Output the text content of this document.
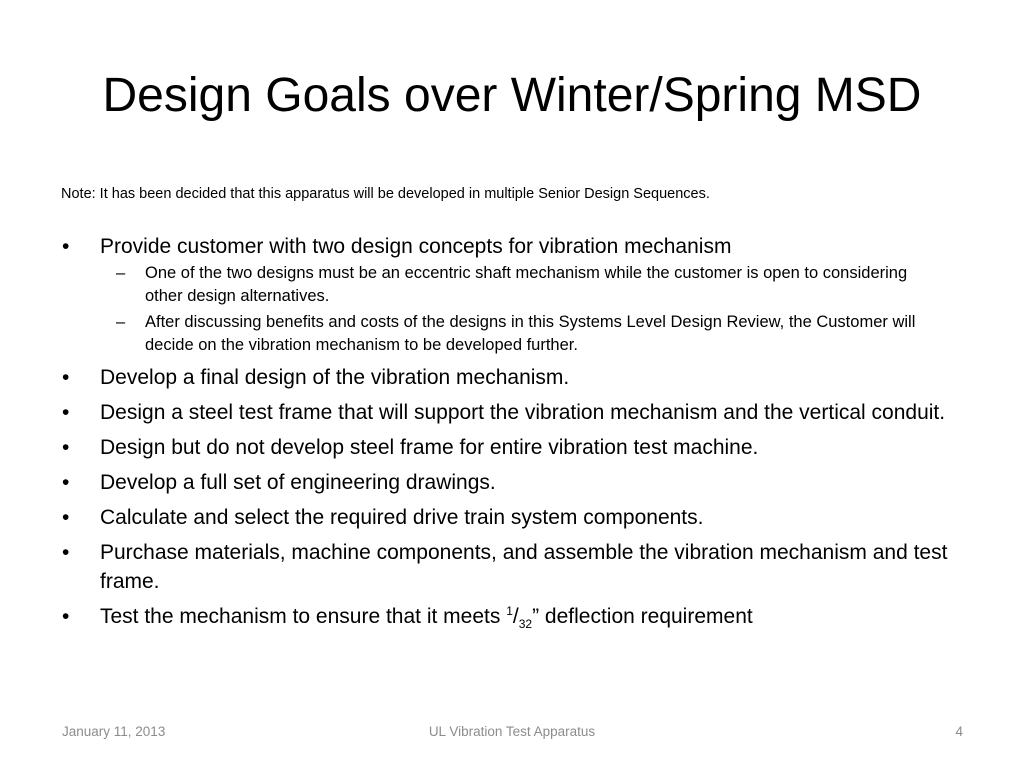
Design Goals over Winter/Spring MSD
Note: It has been decided that this apparatus will be developed in multiple Senior Design Sequences.
• Provide customer with two design concepts for vibration mechanism
– One of the two designs must be an eccentric shaft mechanism while the customer is open to considering other design alternatives.
– After discussing benefits and costs of the designs in this Systems Level Design Review, the Customer will decide on the vibration mechanism to be developed further.
• Develop a final design of the vibration mechanism.
• Design a steel test frame that will support the vibration mechanism and the vertical conduit.
• Design but do not develop steel frame for entire vibration test machine.
• Develop a full set of engineering drawings.
• Calculate and select the required drive train system components.
• Purchase materials, machine components, and assemble the vibration mechanism and test frame.
• Test the mechanism to ensure that it meets $^1/_{32}$” deflection requirement
January 11, 2013	UL Vibration Test Apparatus	4
